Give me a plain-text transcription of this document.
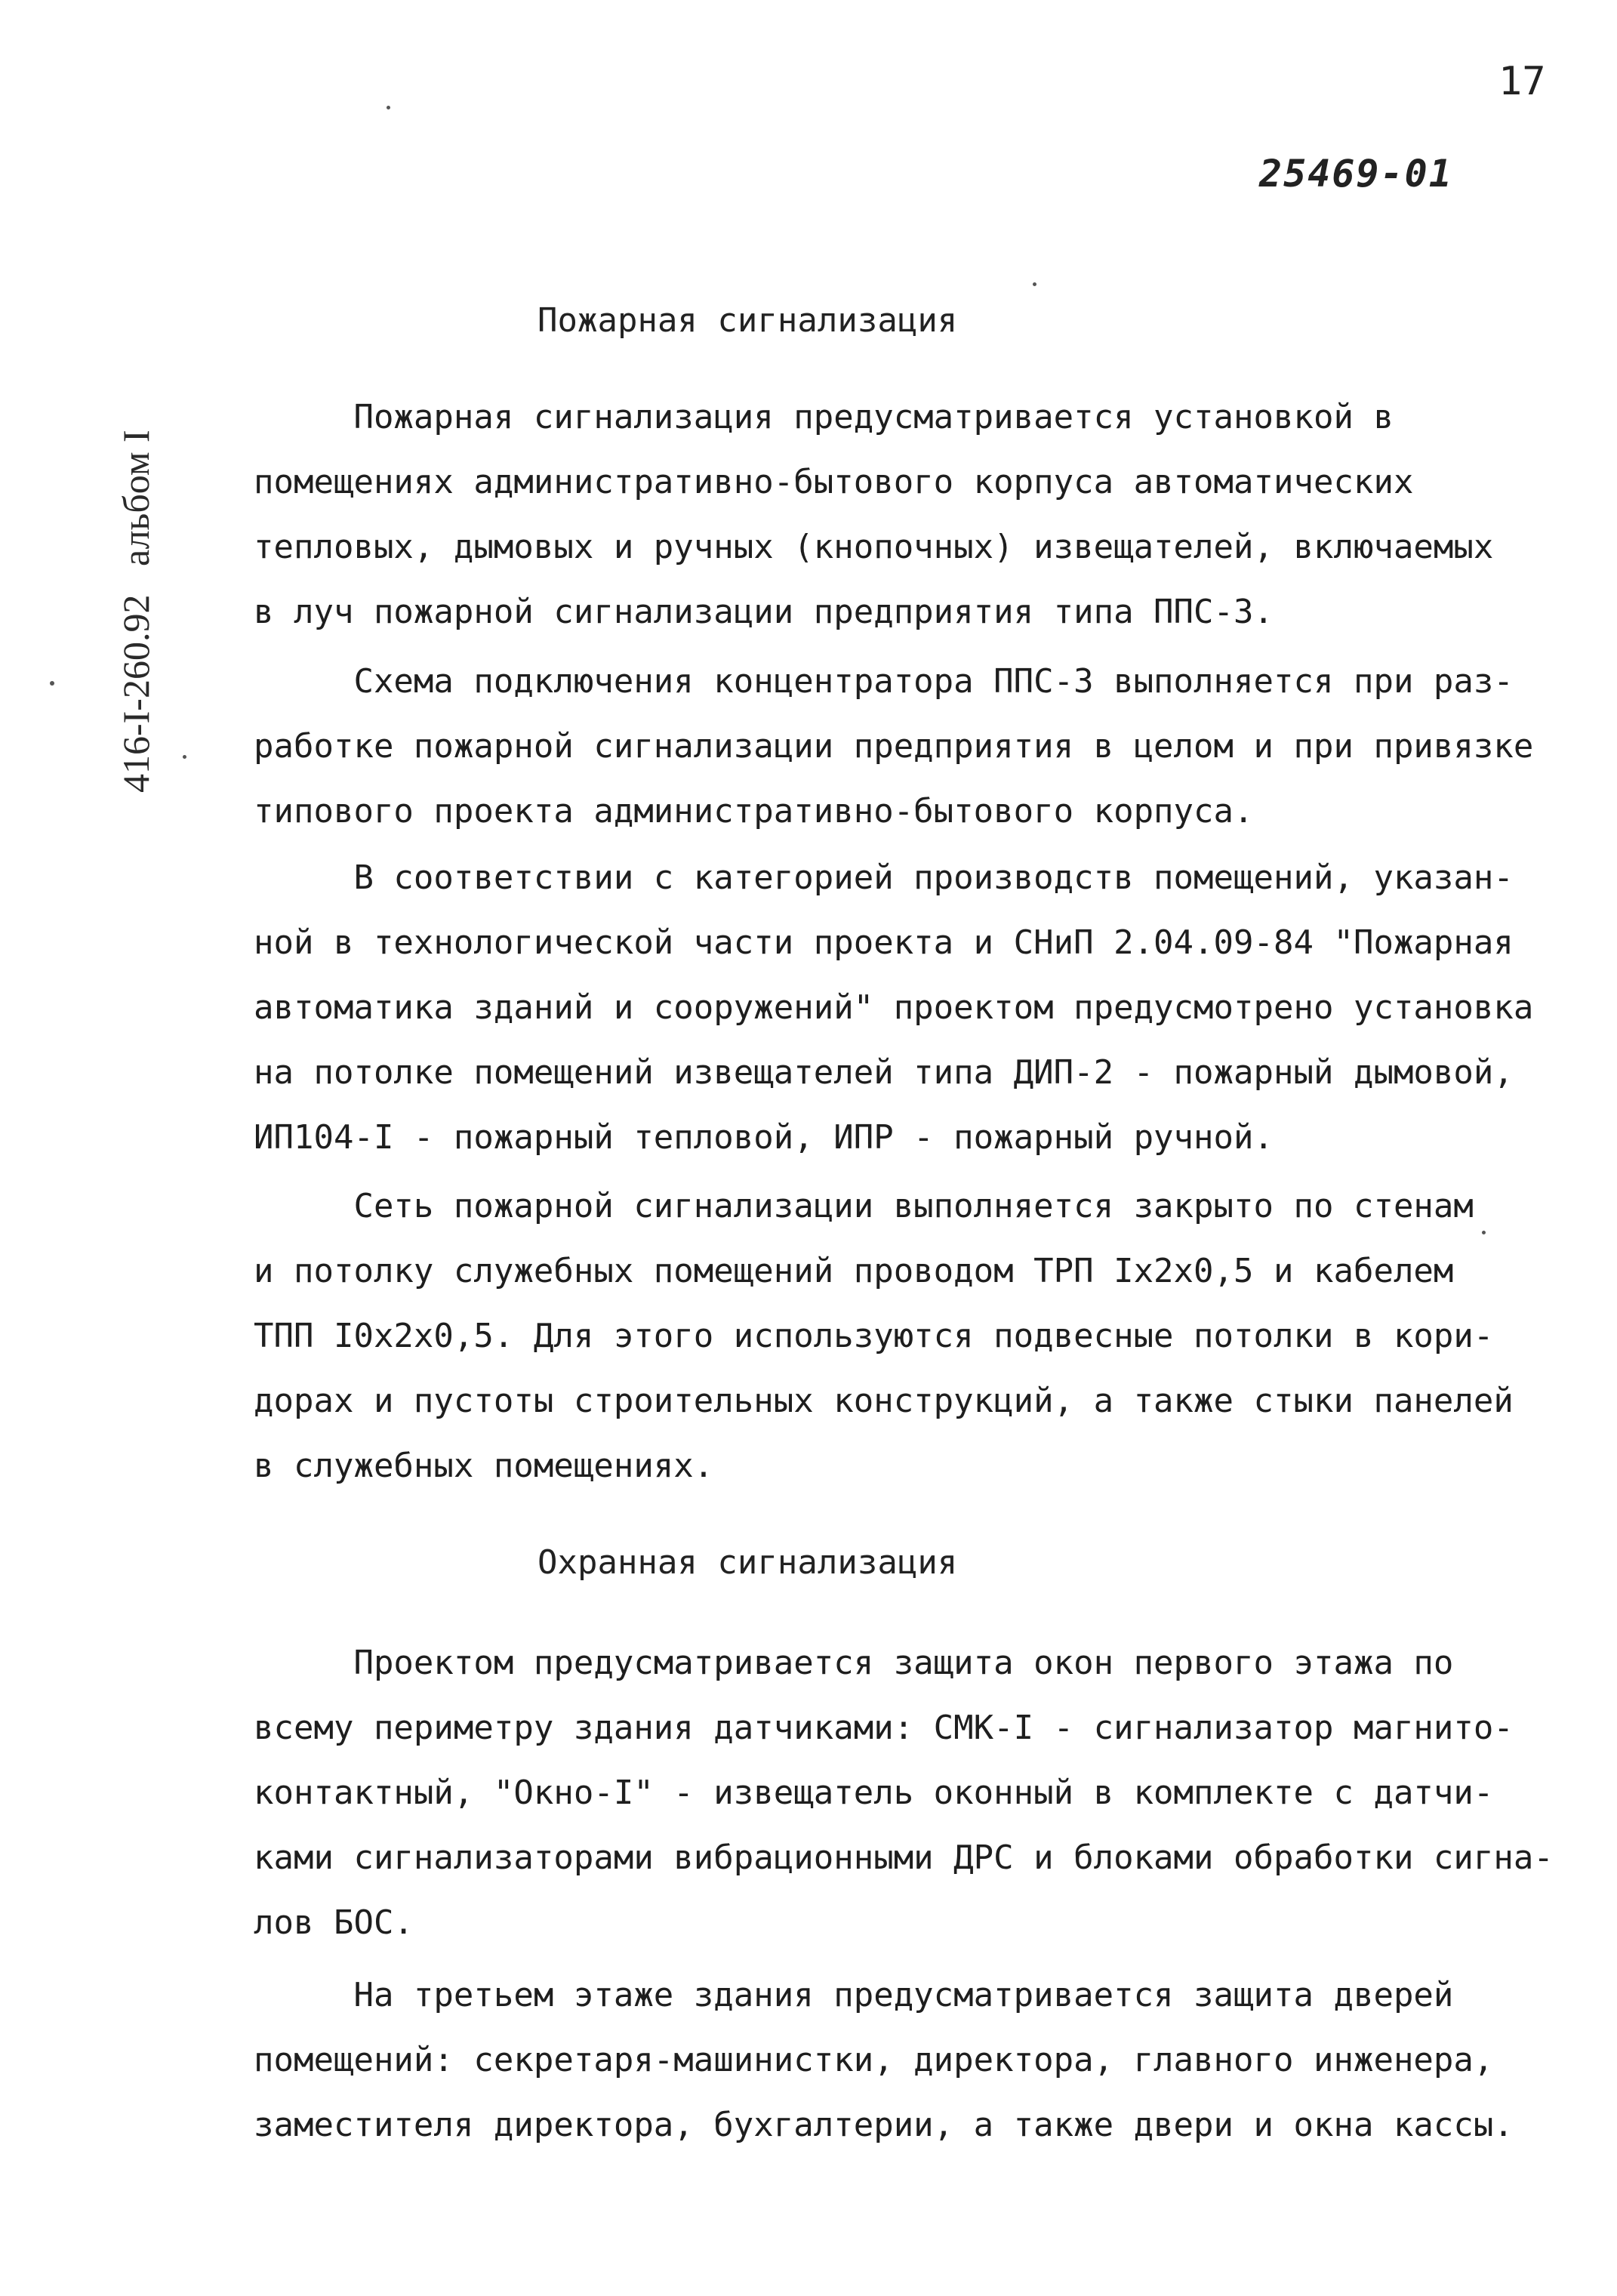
17
25469-01
416-I-260.92   альбом I
Пожарная сигнализация
Пожарная сигнализация предусматривается установкой в
помещениях административно-бытового корпуса автоматических
тепловых, дымовых и ручных (кнопочных) извещателей, включаемых
в луч пожарной сигнализации предприятия типа ППС-3.
Схема подключения концентратора ППС-3 выполняется при раз-
работке пожарной сигнализации предприятия в целом и при привязке
типового проекта административно-бытового корпуса.
В соответствии с категорией производств помещений, указан-
ной в технологической части проекта и СНиП 2.04.09-84 "Пожарная
автоматика зданий и сооружений" проектом предусмотрено установка
на потолке помещений извещателей типа ДИП-2 - пожарный дымовой,
ИП104-I - пожарный тепловой, ИПР - пожарный ручной.
Сеть пожарной сигнализации выполняется закрыто по стенам
и потолку служебных помещений проводом ТРП Iх2х0,5 и кабелем
ТПП I0х2х0,5. Для этого используются подвесные потолки в кори-
дорах и пустоты строительных конструкций, а также стыки панелей
в служебных помещениях.
Охранная сигнализация
Проектом предусматривается защита окон первого этажа по
всему периметру здания датчиками: СМК-I - сигнализатор магнито-
контактный, "Окно-I" - извещатель оконный в комплекте с датчи-
ками сигнализаторами вибрационными ДРС и блоками обработки сигна-
лов БОС.
На третьем этаже здания предусматривается защита дверей
помещений: секретаря-машинистки, директора, главного инженера,
заместителя директора, бухгалтерии, а также двери и окна кассы.
